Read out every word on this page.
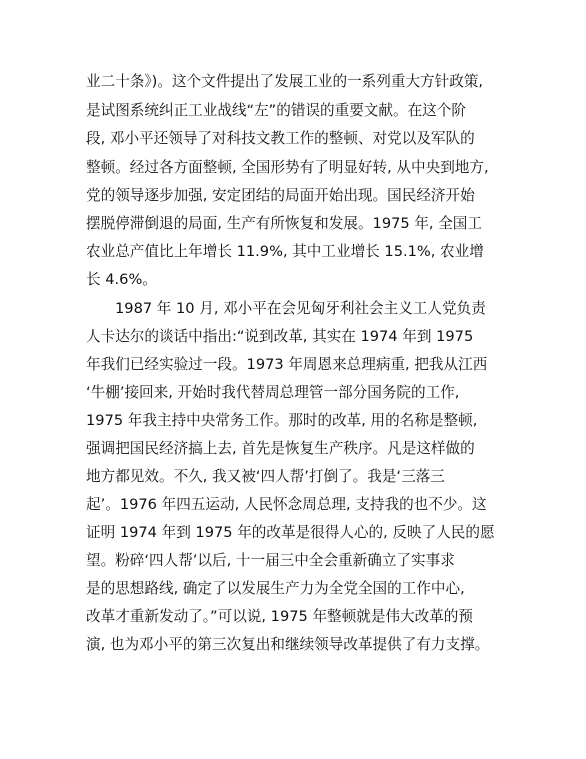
业二十条》)。这个文件提出了发展工业的一系列重大方针政策,
是试图系统纠正工业战线“左”的错误的重要文献。在这个阶
段, 邓小平还领导了对科技文教工作的整顿、对党以及军队的
整顿。经过各方面整顿, 全国形势有了明显好转, 从中央到地方,
党的领导逐步加强, 安定团结的局面开始出现。国民经济开始
摆脱停滞倒退的局面, 生产有所恢复和发展。1975 年, 全国工
农业总产值比上年增长 11.9%, 其中工业增长 15.1%, 农业增
长 4.6%。
1987 年 10 月, 邓小平在会见匈牙利社会主义工人党负责
人卡达尔的谈话中指出:“说到改革, 其实在 1974 年到 1975
年我们已经实验过一段。1973 年周恩来总理病重, 把我从江西
‘牛棚’接回来, 开始时我代替周总理管一部分国务院的工作,
1975 年我主持中央常务工作。那时的改革, 用的名称是整顿,
强调把国民经济搞上去, 首先是恢复生产秩序。凡是这样做的
地方都见效。不久, 我又被‘四人帮’打倒了。我是‘三落三
起’。1976 年四五运动, 人民怀念周总理, 支持我的也不少。这
证明 1974 年到 1975 年的改革是很得人心的, 反映了人民的愿
望。粉碎‘四人帮’以后, 十一届三中全会重新确立了实事求
是的思想路线, 确定了以发展生产力为全党全国的工作中心,
改革才重新发动了。”可以说, 1975 年整顿就是伟大改革的预
演, 也为邓小平的第三次复出和继续领导改革提供了有力支撑。
